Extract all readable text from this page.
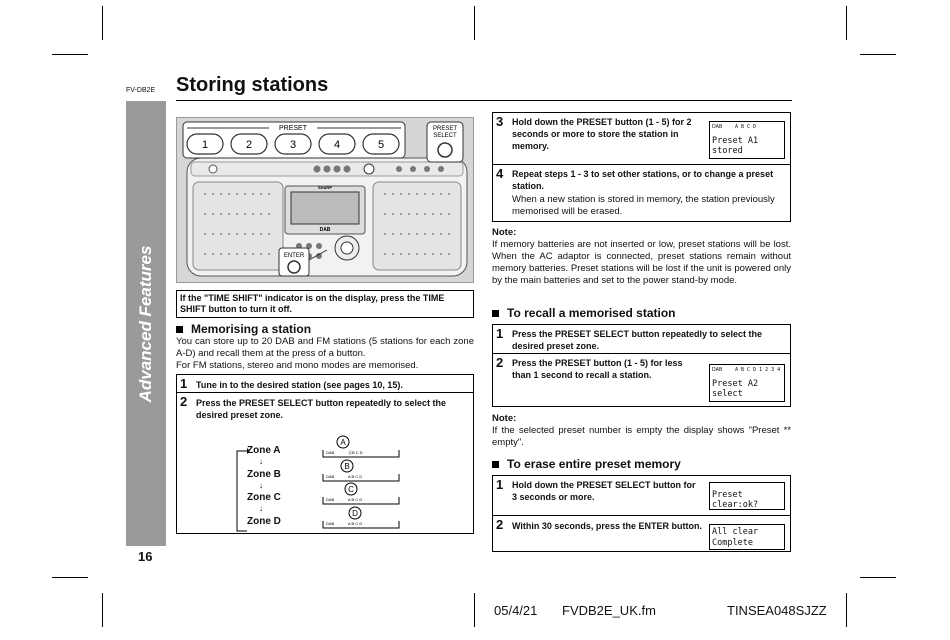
FV-DB2E Storing stations
Advanced Features
16
SHARP
DAB
PRESET
1	2	3	4	5
PRESET
SELECT
ENTER
If the "TIME SHIFT" indicator is on the display, press the TIME SHIFT button to turn it off.
Memorising a station
You can store up to 20 DAB and FM stations (5 stations for each zone A-D) and recall them at the press of a button.
For FM stations, stereo and mono modes are memorised.
1 Tune in to the desired station (see pages 10, 15).
2 Press the PRESET SELECT button repeatedly to select the desired preset zone.
Zone A
↓
Zone B
↓
Zone C
↓
Zone D
A
DAB	ⒶB C D
B
DAB	A B C D
C
DAB	A B C D
D
DAB	A B C D
3 Hold down the PRESET button (1 - 5) for 2 seconds or more to store the station in memory.
DAB	A B C D
Preset A1 stored
4 Repeat steps 1 - 3 to set other stations, or to change a preset station.
When a new station is stored in memory, the station previously memorised will be erased.
Note:
If memory batteries are not inserted or low, preset stations will be lost. When the AC adaptor is connected, preset stations remain without memory batteries. Preset stations will be lost if the unit is powered only by the main batteries and set to the power stand-by mode.
To recall a memorised station
1 Press the PRESET SELECT button repeatedly to select the desired preset zone.
2 Press the PRESET button (1 - 5) for less than 1 second to recall a station.	DAB	A B C D 1 2 3 4
Preset A2 select
Note:
If the selected preset number is empty the display shows "Preset ** empty".
To erase entire preset memory
1 Hold down the PRESET SELECT button for 3 seconds or more.	Preset clear:ok?
2 Within 30 seconds, press the ENTER button.
All clear
Complete
05/4/21 FVDB2E_UK.fm	TINSEA048SJZZ
